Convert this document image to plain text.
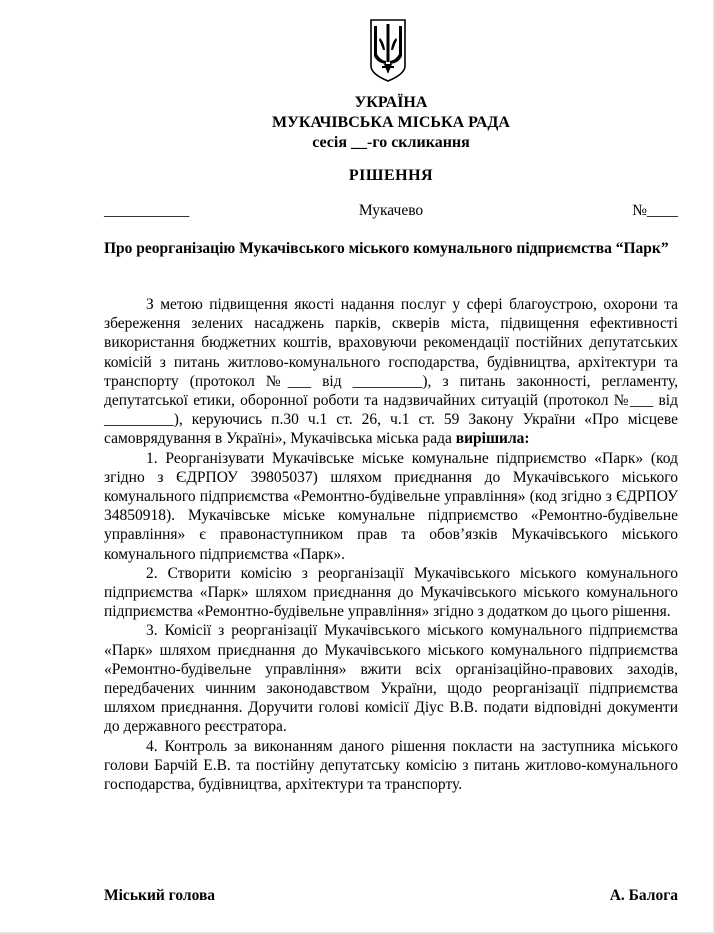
УКРАЇНА
МУКАЧІВСЬКА МІСЬКА РАДА
сесія __-го скликання
РІШЕННЯ
___________	Мукачево	№____
Про реорганізацію Мукачівського міського комунального підприємства “Парк”

З метою підвищення якості надання послуг у сфері благоустрою, охорони та збереження зелених насаджень парків, скверів міста, підвищення ефективності використання бюджетних коштів, враховуючи рекомендації постійних депутатських комісій з питань житлово-комунального господарства, будівництва, архітектури та транспорту (протокол №___ від _________), з питань законності, регламенту, депутатської етики, оборонної роботи та надзвичайних ситуацій (протокол №___ від _________), керуючись п.30 ч.1 ст. 26, ч.1 ст. 59 Закону України «Про місцеве самоврядування в Україні», Мукачівська міська рада вирішила:

1. Реорганізувати Мукачівське міське комунальне підприємство «Парк» (код згідно з ЄДРПОУ 39805037) шляхом приєднання до Мукачівського міського комунального підприємства «Ремонтно-будівельне управління» (код згідно з ЄДРПОУ 34850918). Мукачівське міське комунальне підприємство «Ремонтно-будівельне управління» є правонаступником прав та обов’язків Мукачівського міського комунального підприємства «Парк».

2. Створити комісію з реорганізації Мукачівського міського комунального підприємства «Парк» шляхом приєднання до Мукачівського міського комунального підприємства «Ремонтно-будівельне управління» згідно з додатком до цього рішення.

3. Комісії з реорганізації Мукачівського міського комунального підприємства «Парк» шляхом приєднання до Мукачівського міського комунального підприємства «Ремонтно-будівельне управління» вжити всіх організаційно-правових заходів, передбачених чинним законодавством України, щодо реорганізації підприємства шляхом приєднання. Доручити голові комісії Діус В.В. подати відповідні документи до державного реєстратора.

4. Контроль за виконанням даного рішення покласти на заступника міського голови Барчій Е.В. та постійну депутатську комісію з питань житлово-комунального господарства, будівництва, архітектури та транспорту.

Міський голова	А. Балога
